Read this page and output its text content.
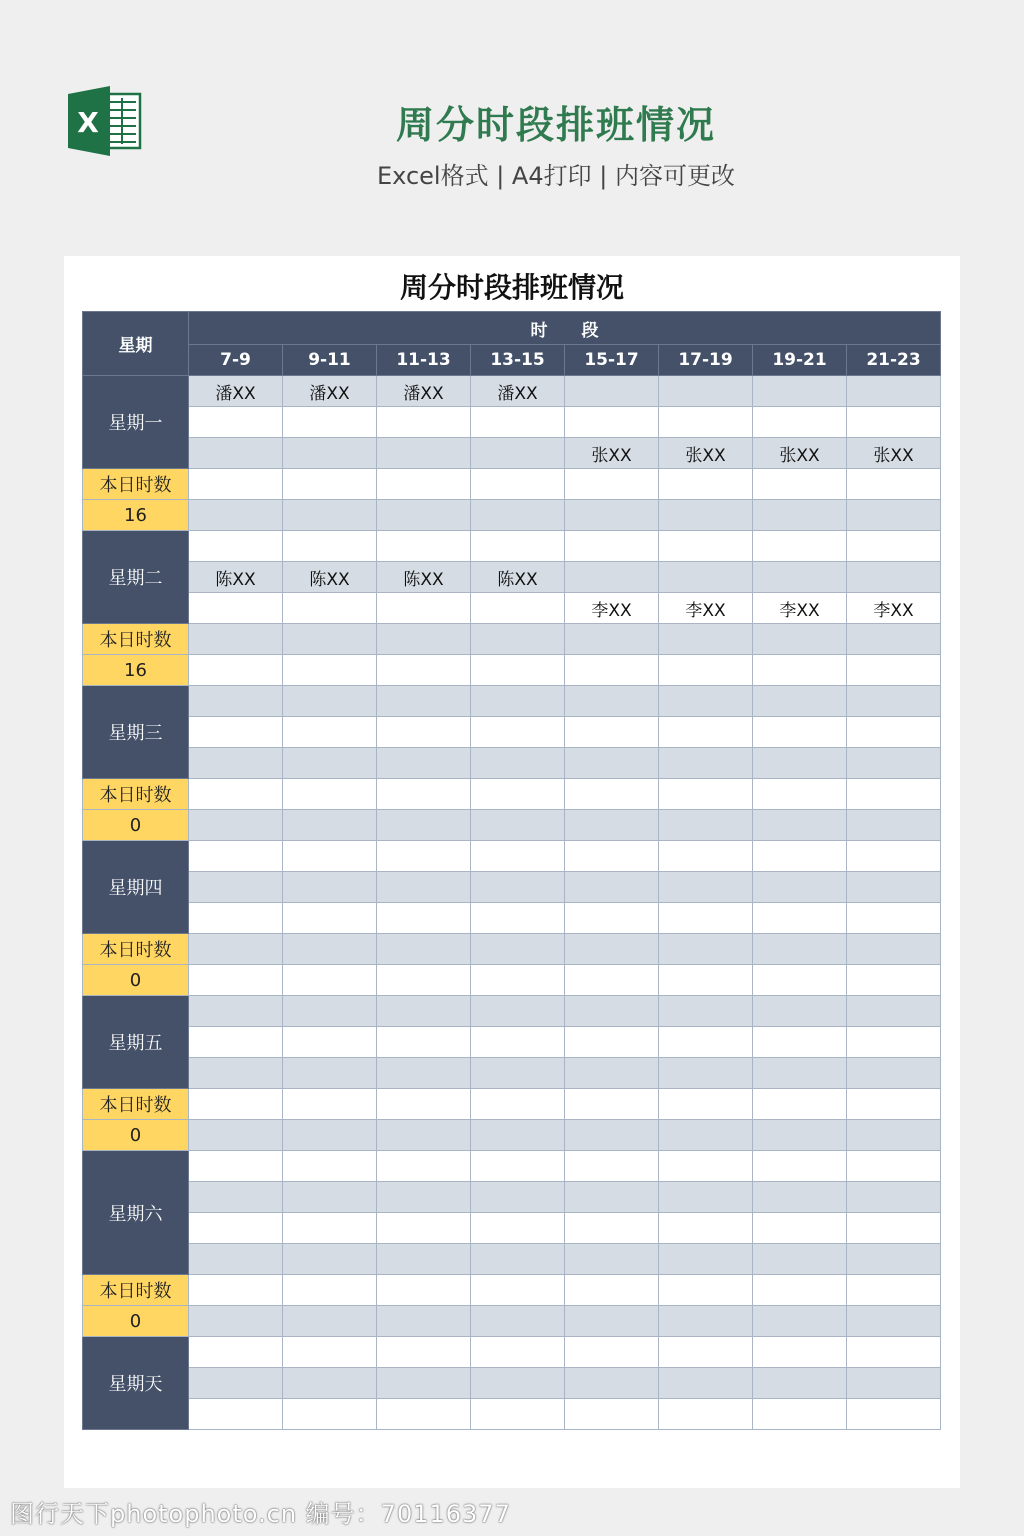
X	周分时段排班情况
Excel格式 | A4打印 | 内容可更改
周分时段排班情况
星期	时　　段							
	7-9	9-11	11-13	13-15	15-17	17-19	19-21	21-23
星期一	潘XX	潘XX	潘XX	潘XX				

					张XX	张XX	张XX	张XX
本日时数								
16								
星期二								
	陈XX	陈XX	陈XX	陈XX				
					李XX	李XX	李XX	李XX
本日时数								
16								
星期三								

本日时数								
0								
星期四								

本日时数								
0								
星期五								

本日时数								
0								
星期六								

本日时数								
0								
星期天								

图行天下photophoto.cn 编号：70116377
